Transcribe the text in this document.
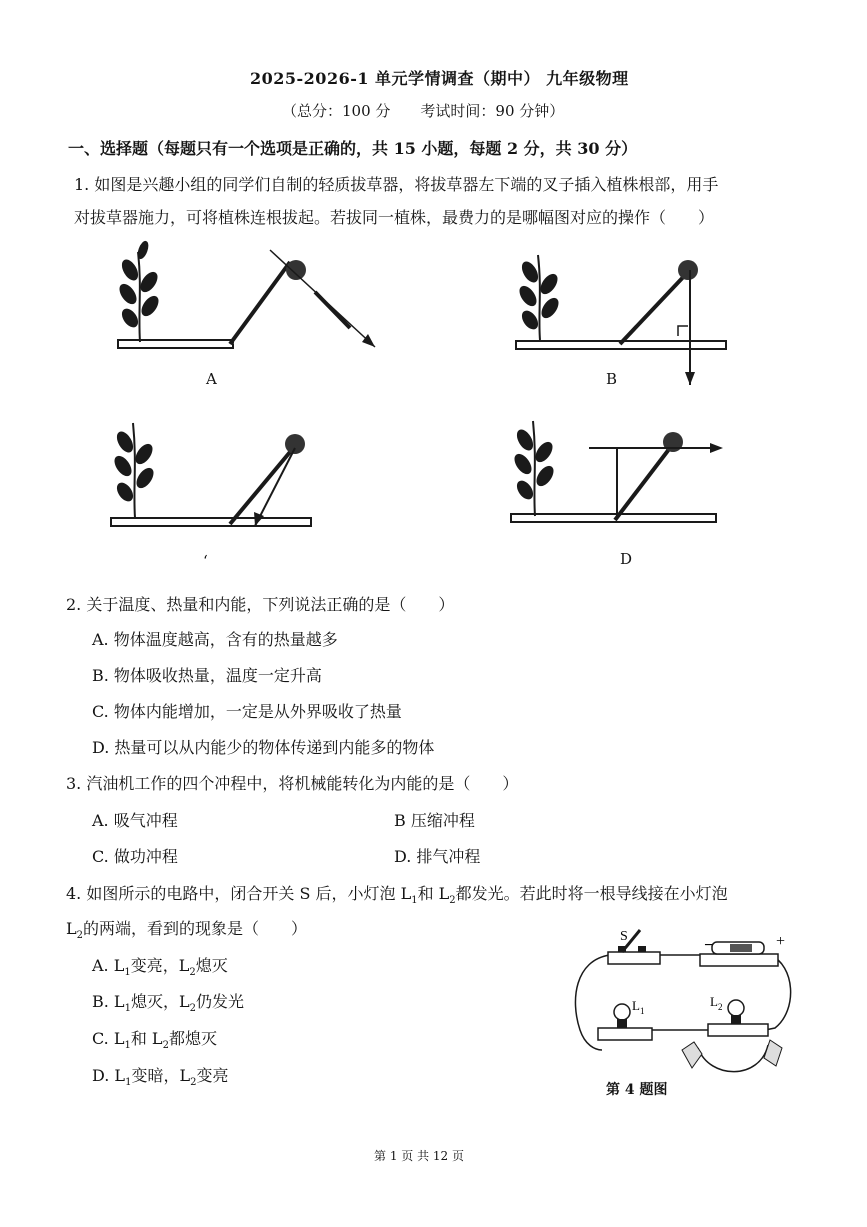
2025-2026-1 单元学情调查（期中） 九年级物理
（总分：100 分　　考试时间：90 分钟）
一、选择题（每题只有一个选项是正确的，共 15 小题，每题 2 分，共 30 分）
1. 如图是兴趣小组的同学们自制的轻质拔草器，将拔草器左下端的叉子插入植株根部，用手
对拔草器施力，可将植株连根拔起。若拔同一植株，最费力的是哪幅图对应的操作（　　）
A	B
‘	D
2. 关于温度、热量和内能，下列说法正确的是（　　）
A. 物体温度越高，含有的热量越多
B. 物体吸收热量，温度一定升高
C. 物体内能增加，一定是从外界吸收了热量
D. 热量可以从内能少的物体传递到内能多的物体
3. 汽油机工作的四个冲程中，将机械能转化为内能的是（　　）
A. 吸气冲程	B 压缩冲程
C. 做功冲程	D. 排气冲程
4. 如图所示的电路中，闭合开关 S 后，小灯泡 $L_1$和 $L_2$都发光。若此时将一根导线接在小灯泡
$L_2$的两端，看到的现象是（　　）
A. $L_1$变亮，$L_2$熄灭
B. $L_1$熄灭，$L_2$仍发光
C. $L_1$和 $L_2$都熄灭
D. $L_1$变暗，$L_2$变亮
S
−	+
$L_1$
$L_2$
第 4 题图
第 1 页 共 12 页
